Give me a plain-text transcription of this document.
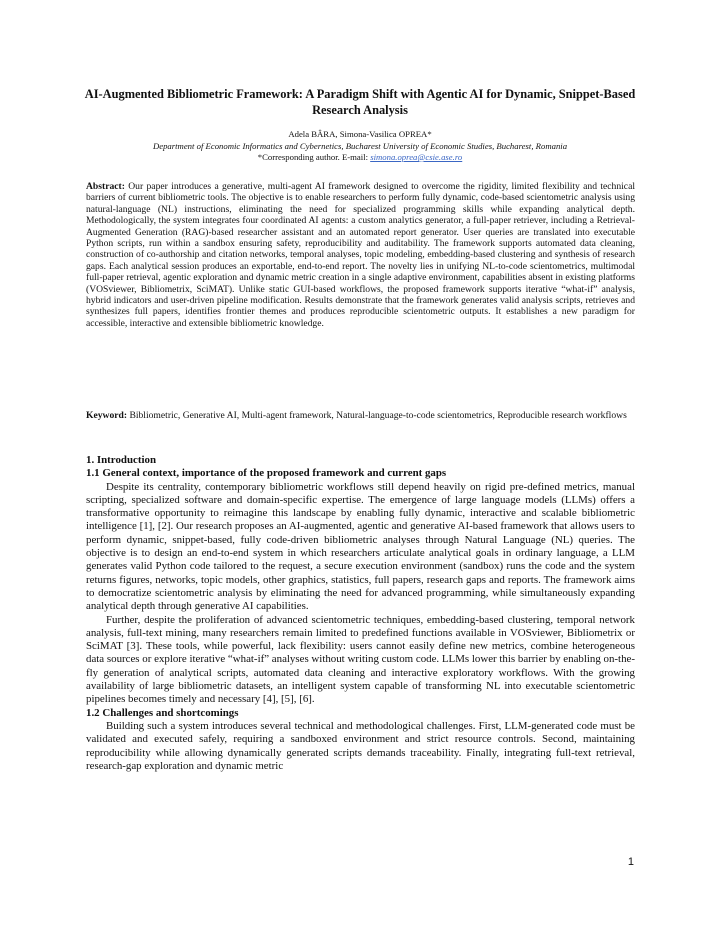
AI-Augmented Bibliometric Framework: A Paradigm Shift with Agentic AI for Dynamic, Snippet-Based Research Analysis
Adela BÂRA, Simona-Vasilica OPREA*
Department of Economic Informatics and Cybernetics, Bucharest University of Economic Studies, Bucharest, Romania
*Corresponding author. E-mail: simona.oprea@csie.ase.ro

Abstract: Our paper introduces a generative, multi-agent AI framework designed to overcome the rigidity, limited flexibility and technical barriers of current bibliometric tools. The objective is to enable researchers to perform fully dynamic, code-based scientometric analysis using natural-language (NL) instructions, eliminating the need for specialized programming skills while expanding analytical depth. Methodologically, the system integrates four coordinated AI agents: a custom analytics generator, a full-paper retriever, including a Retrieval-Augmented Generation (RAG)-based researcher assistant and an automated report generator. User queries are translated into executable Python scripts, run within a sandbox ensuring safety, reproducibility and auditability. The framework supports automated data cleaning, construction of co-authorship and citation networks, temporal analyses, topic modeling, embedding-based clustering and synthesis of research gaps. Each analytical session produces an exportable, end-to-end report. The novelty lies in unifying NL-to-code scientometrics, multimodal full-paper retrieval, agentic exploration and dynamic metric creation in a single adaptive environment, capabilities absent in existing platforms (VOSviewer, Bibliometrix, SciMAT). Unlike static GUI-based workflows, the proposed framework supports iterative “what-if” analysis, hybrid indicators and user-driven pipeline modification. Results demonstrate that the framework generates valid analysis scripts, retrieves and synthesizes full papers, identifies frontier themes and produces reproducible scientometric outputs. It establishes a new paradigm for accessible, interactive and extensible bibliometric knowledge.

Keyword: Bibliometric, Generative AI, Multi-agent framework, Natural-language-to-code scientometrics, Reproducible research workflows

1. Introduction
1.1 General context, importance of the proposed framework and current gaps

Despite its centrality, contemporary bibliometric workflows still depend heavily on rigid pre-defined metrics, manual scripting, specialized software and domain-specific expertise. The emergence of large language models (LLMs) offers a transformative opportunity to reimagine this landscape by enabling fully dynamic, interactive and scalable bibliometric intelligence [1], [2]. Our research proposes an AI-augmented, agentic and generative AI-based framework that allows users to perform dynamic, snippet-based, fully code-driven bibliometric analyses through Natural Language (NL) queries. The objective is to design an end-to-end system in which researchers articulate analytical goals in ordinary language, a LLM generates valid Python code tailored to the request, a secure execution environment (sandbox) runs the code and the system returns figures, networks, topic models, other graphics, statistics, full papers, research gaps and reports. The framework aims to democratize scientometric analysis by eliminating the need for advanced programming, while simultaneously expanding analytical depth through generative AI capabilities.

Further, despite the proliferation of advanced scientometric techniques, embedding-based clustering, temporal network analysis, full-text mining, many researchers remain limited to predefined functions available in VOSviewer, Bibliometrix or SciMAT [3]. These tools, while powerful, lack flexibility: users cannot easily define new metrics, combine heterogeneous data sources or explore iterative “what-if” analyses without writing custom code. LLMs lower this barrier by enabling on-the-fly generation of analytical scripts, automated data cleaning and interactive exploratory workflows. With the growing availability of large bibliometric datasets, an intelligent system capable of transforming NL into executable scientometric pipelines becomes timely and necessary [4], [5], [6].

1.2 Challenges and shortcomings

Building such a system introduces several technical and methodological challenges. First, LLM-generated code must be validated and executed safely, requiring a sandboxed environment and strict resource controls. Second, maintaining reproducibility while allowing dynamically generated scripts demands traceability. Finally, integrating full-text retrieval, research-gap exploration and dynamic metric

1
